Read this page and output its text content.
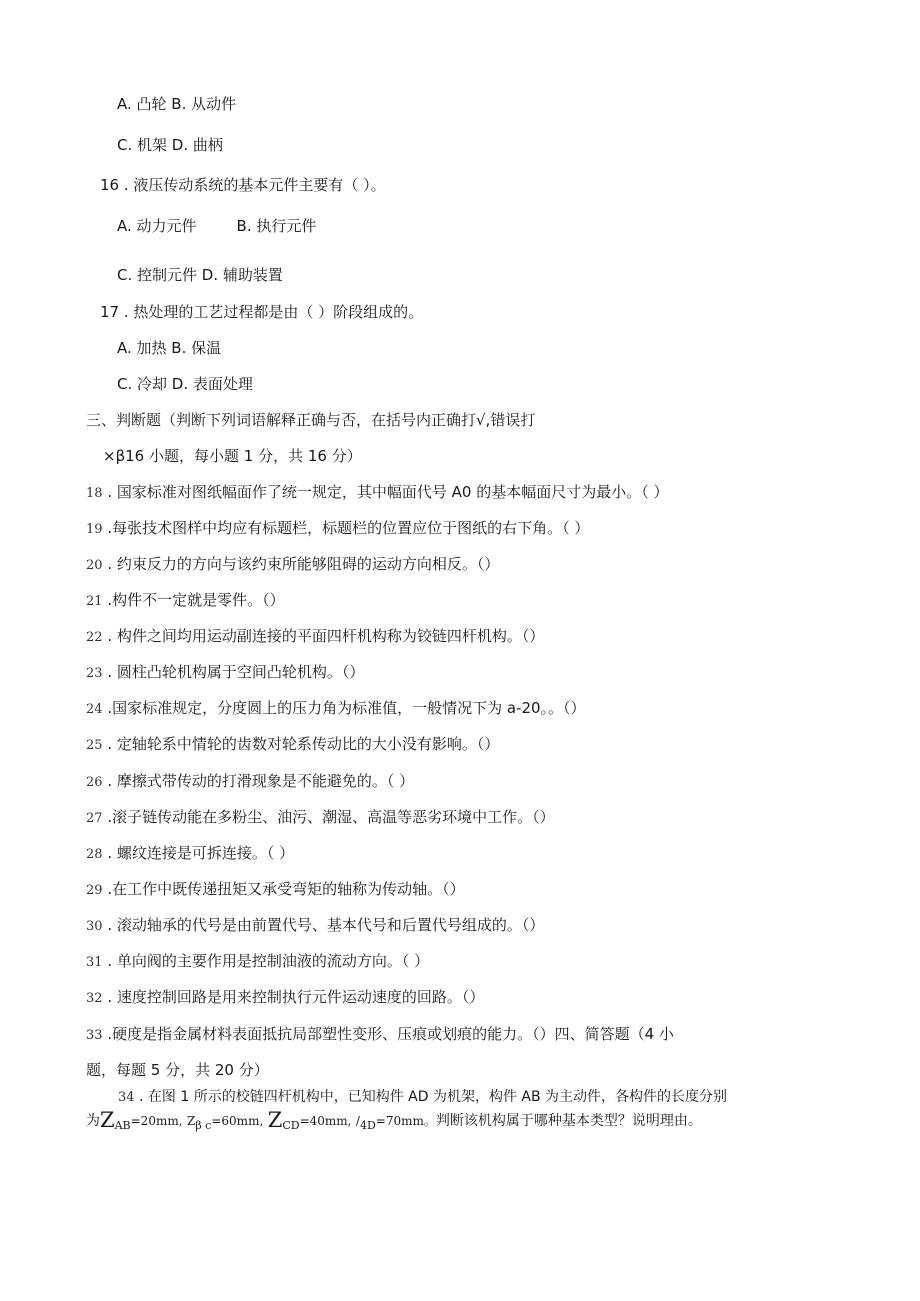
A. 凸轮 B. 从动件
C. 机架 D. 曲柄
16 . 液压传动系统的基本元件主要有（ ）。
A. 动力元件	B. 执行元件
C. 控制元件 D. 辅助装置
17 . 热处理的工艺过程都是由（ ）阶段组成的。
A. 加热 B. 保温
C. 冷却 D. 表面处理
三、判断题（判断下列词语解释正确与否，在括号内正确打√,错误打
×β16 小题，每小题 1 分，共 16 分）
18 . 国家标准对图纸幅面作了统一规定，其中幅面代号 A0 的基本幅面尺寸为最小。（ ）
19 .每张技术图样中均应有标题栏，标题栏的位置应位于图纸的右下角。（ ）
20 . 约束反力的方向与该约束所能够阻碍的运动方向相反。（）
21 .构件不一定就是零件。（）
22 . 构件之间均用运动副连接的平面四杆机构称为铰链四杆机构。（）
23 . 圆柱凸轮机构属于空间凸轮机构。（）
24 .国家标准规定，分度圆上的压力角为标准值，一般情况下为 a-20。。（）
25 . 定轴轮系中情轮的齿数对轮系传动比的大小没有影响。（）
26 . 摩擦式带传动的打滑现象是不能避免的。（ ）
27 .滚子链传动能在多粉尘、油污、潮湿、高温等恶劣环境中工作。（）
28 . 螺纹连接是可拆连接。（ ）
29 .在工作中既传递扭矩又承受弯矩的轴称为传动轴。（）
30 . 滚动轴承的代号是由前置代号、基本代号和后置代号组成的。（）
31 . 单向阀的主要作用是控制油液的流动方向。（ ）
32 . 速度控制回路是用来控制执行元件运动速度的回路。（）
33 .硬度是指金属材料表面抵抗局部塑性变形、压痕或划痕的能力。（）四、简答题（4 小
题，每题 5 分，共 20 分）
34 . 在图 1 所示的校链四杆机构中，已知构件 AD 为机架，构件 AB 为主动件，各构件的长度分别
为$Z_{AB}=20mm$, $Z_{\beta c}=60mm$, $Z_{CD}=40mm$, $/_{4D}=70mm$。判断该机构属于哪种基本类型？说明理由。
